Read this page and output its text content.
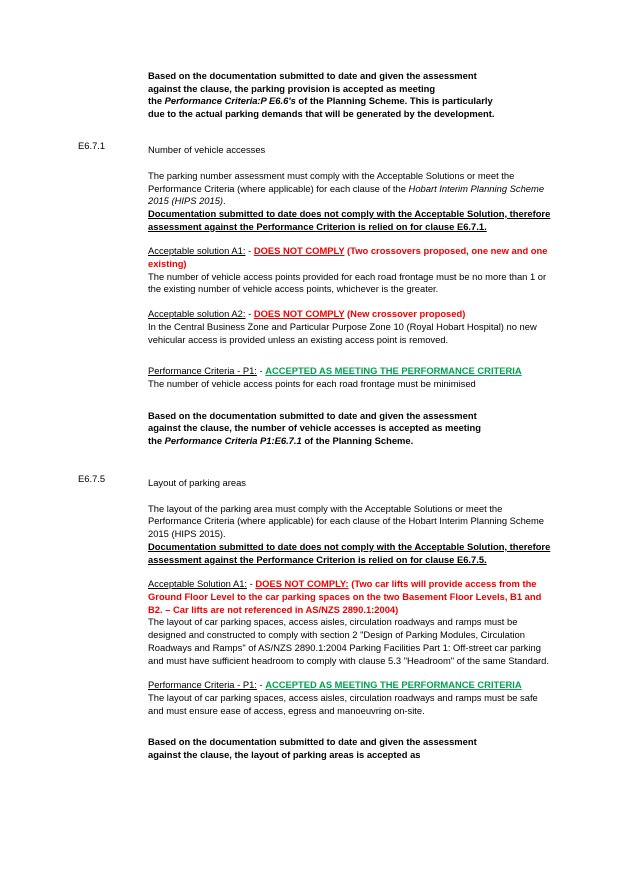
Based on the documentation submitted to date and given the assessment
against the clause, the parking provision is accepted as meeting
the Performance Criteria:P E6.6's of the Planning Scheme. This is particularly
due to the actual parking demands that will be generated by the development.
E6.7.1	Number of vehicle accesses
The parking number assessment must comply with the Acceptable Solutions or meet the Performance Criteria (where applicable) for each clause of the Hobart Interim Planning Scheme 2015 (HIPS 2015).
Documentation submitted to date does not comply with the Acceptable Solution, therefore assessment against the Performance Criterion is relied on for clause E6.7.1.
Acceptable solution A1: - DOES NOT COMPLY (Two crossovers proposed, one new and one existing)
The number of vehicle access points provided for each road frontage must be no more than 1 or the existing number of vehicle access points, whichever is the greater.
Acceptable solution A2: - DOES NOT COMPLY (New crossover proposed)
In the Central Business Zone and Particular Purpose Zone 10 (Royal Hobart Hospital) no new vehicular access is provided unless an existing access point is removed.
Performance Criteria - P1: - ACCEPTED AS MEETING THE PERFORMANCE CRITERIA
The number of vehicle access points for each road frontage must be minimised
Based on the documentation submitted to date and given the assessment
against the clause, the number of vehicle accesses is accepted as meeting
the Performance Criteria P1:E6.7.1 of the Planning Scheme.
E6.7.5	Layout of parking areas
The layout of the parking area must comply with the Acceptable Solutions or meet the Performance Criteria (where applicable) for each clause of the Hobart Interim Planning Scheme 2015 (HIPS 2015).
Documentation submitted to date does not comply with the Acceptable Solution, therefore assessment against the Performance Criterion is relied on for clause E6.7.5.
Acceptable Solution A1: - DOES NOT COMPLY: (Two car lifts will provide access from the Ground Floor Level to the car parking spaces on the two Basement Floor Levels, B1 and B2. – Car lifts are not referenced in AS/NZS 2890.1:2004)
The layout of car parking spaces, access aisles, circulation roadways and ramps must be designed and constructed to comply with section 2 "Design of Parking Modules, Circulation Roadways and Ramps" of AS/NZS 2890.1:2004 Parking Facilities Part 1: Off-street car parking and must have sufficient headroom to comply with clause 5.3 "Headroom" of the same Standard.
Performance Criteria - P1: - ACCEPTED AS MEETING THE PERFORMANCE CRITERIA
The layout of car parking spaces, access aisles, circulation roadways and ramps must be safe and must ensure ease of access, egress and manoeuvring on-site.
Based on the documentation submitted to date and given the assessment
against the clause, the layout of parking areas is accepted as
